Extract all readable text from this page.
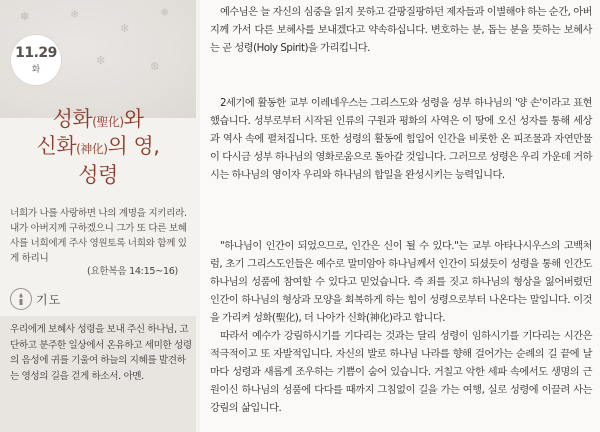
❄
✻
❅
✼	❆
✽
11.29
화
성화(聖化)와
신화(神化)의 영,
성령
너희가 나를 사랑하면 나의 계명을 지키리라. 내가 아버지께 구하겠으니 그가 또 다른 보혜사를 너희에게 주사 영원토록 너희와 함께 있게 하리니
(요한복음 14:15~16)
기도
우리에게 보혜사 성령을 보내 주신 하나님, 고단하고 분주한 일상에서 온유하고 세미한 성령의 음성에 귀를 기울여 하늘의 지혜를 발견하는 영성의 길을 걷게 하소서. 아멘.

예수님은 늘 자신의 심중을 읽지 못하고 갈팡질팡하던 제자들과 이별해야 하는 순간, 아버지께 가서 다른 보혜사를 보내겠다고 약속하십니다. 변호하는 분, 돕는 분을 뜻하는 보혜사는 곧 성령(Holy Spirit)을 가리킵니다.

2세기에 활동한 교부 이레네우스는 그리스도와 성령을 성부 하나님의 '양 손'이라고 표현했습니다. 성부로부터 시작된 인류의 구원과 평화의 사역은 이 땅에 오신 성자를 통해 세상과 역사 속에 펼쳐집니다. 또한 성령의 활동에 힘입어 인간을 비롯한 온 피조물과 자연만물이 다시금 성부 하나님의 영화로움으로 돌아갈 것입니다. 그러므로 성령은 우리 가운데 거하시는 하나님의 영이자 우리와 하나님의 합일을 완성시키는 능력입니다.

"하나님이 인간이 되었으므로, 인간은 신이 될 수 있다."는 교부 아타나시우스의 고백처럼, 초기 그리스도인들은 예수로 말미암아 하나님께서 인간이 되셨듯이 성령을 통해 인간도 하나님의 성품에 참여할 수 있다고 믿었습니다. 즉 죄를 짓고 하나님의 형상을 잃어버렸던 인간이 하나님의 형상과 모양을 회복하게 하는 힘이 성령으로부터 나온다는 말입니다. 이것을 가리켜 성화(聖化), 더 나아가 신화(神化)라고 합니다.

따라서 예수가 강림하시기를 기다리는 것과는 달리 성령이 임하시기를 기다리는 시간은 적극적이고 또 자발적입니다. 자신의 발로 하나님 나라를 향해 걸어가는 순례의 길 끝에 날마다 성령과 새롭게 조우하는 기쁨이 숨어 있습니다. 거칠고 악한 세파 속에서도 생명의 근원이신 하나님의 성품에 다다를 때까지 그침없이 길을 가는 여행, 실로 성령에 이끌려 사는 강림의 삶입니다.
